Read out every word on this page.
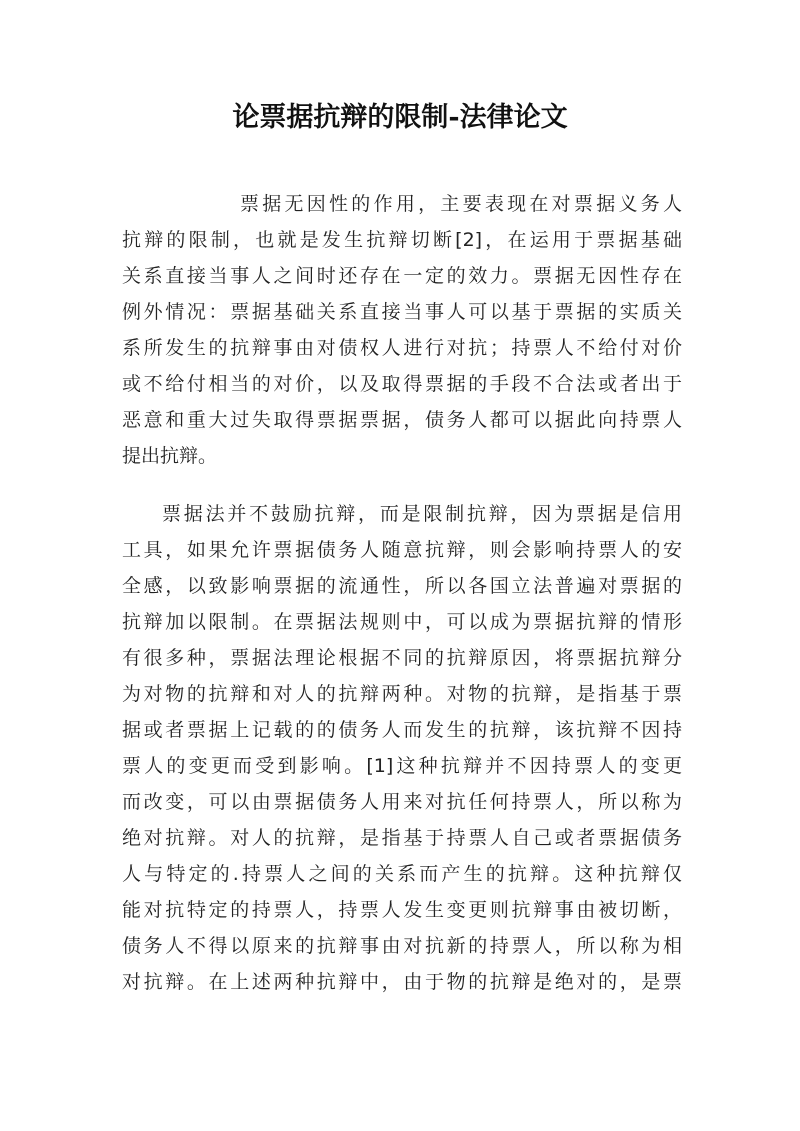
论票据抗辩的限制-法律论文
票据无因性的作用，主要表现在对票据义务人
抗辩的限制，也就是发生抗辩切断[2]，在运用于票据基础
关系直接当事人之间时还存在一定的效力。票据无因性存在
例外情况：票据基础关系直接当事人可以基于票据的实质关
系所发生的抗辩事由对债权人进行对抗；持票人不给付对价
或不给付相当的对价，以及取得票据的手段不合法或者出于
恶意和重大过失取得票据票据，债务人都可以据此向持票人
提出抗辩。
票据法并不鼓励抗辩，而是限制抗辩，因为票据是信用
工具，如果允许票据债务人随意抗辩，则会影响持票人的安
全感，以致影响票据的流通性，所以各国立法普遍对票据的
抗辩加以限制。在票据法规则中，可以成为票据抗辩的情形
有很多种，票据法理论根据不同的抗辩原因，将票据抗辩分
为对物的抗辩和对人的抗辩两种。对物的抗辩，是指基于票
据或者票据上记载的的债务人而发生的抗辩，该抗辩不因持
票人的变更而受到影响。[1]这种抗辩并不因持票人的变更
而改变，可以由票据债务人用来对抗任何持票人，所以称为
绝对抗辩。对人的抗辩，是指基于持票人自己或者票据债务
人与特定的.持票人之间的关系而产生的抗辩。这种抗辩仅
能对抗特定的持票人，持票人发生变更则抗辩事由被切断，
债务人不得以原来的抗辩事由对抗新的持票人，所以称为相
对抗辩。在上述两种抗辩中，由于物的抗辩是绝对的，是票
